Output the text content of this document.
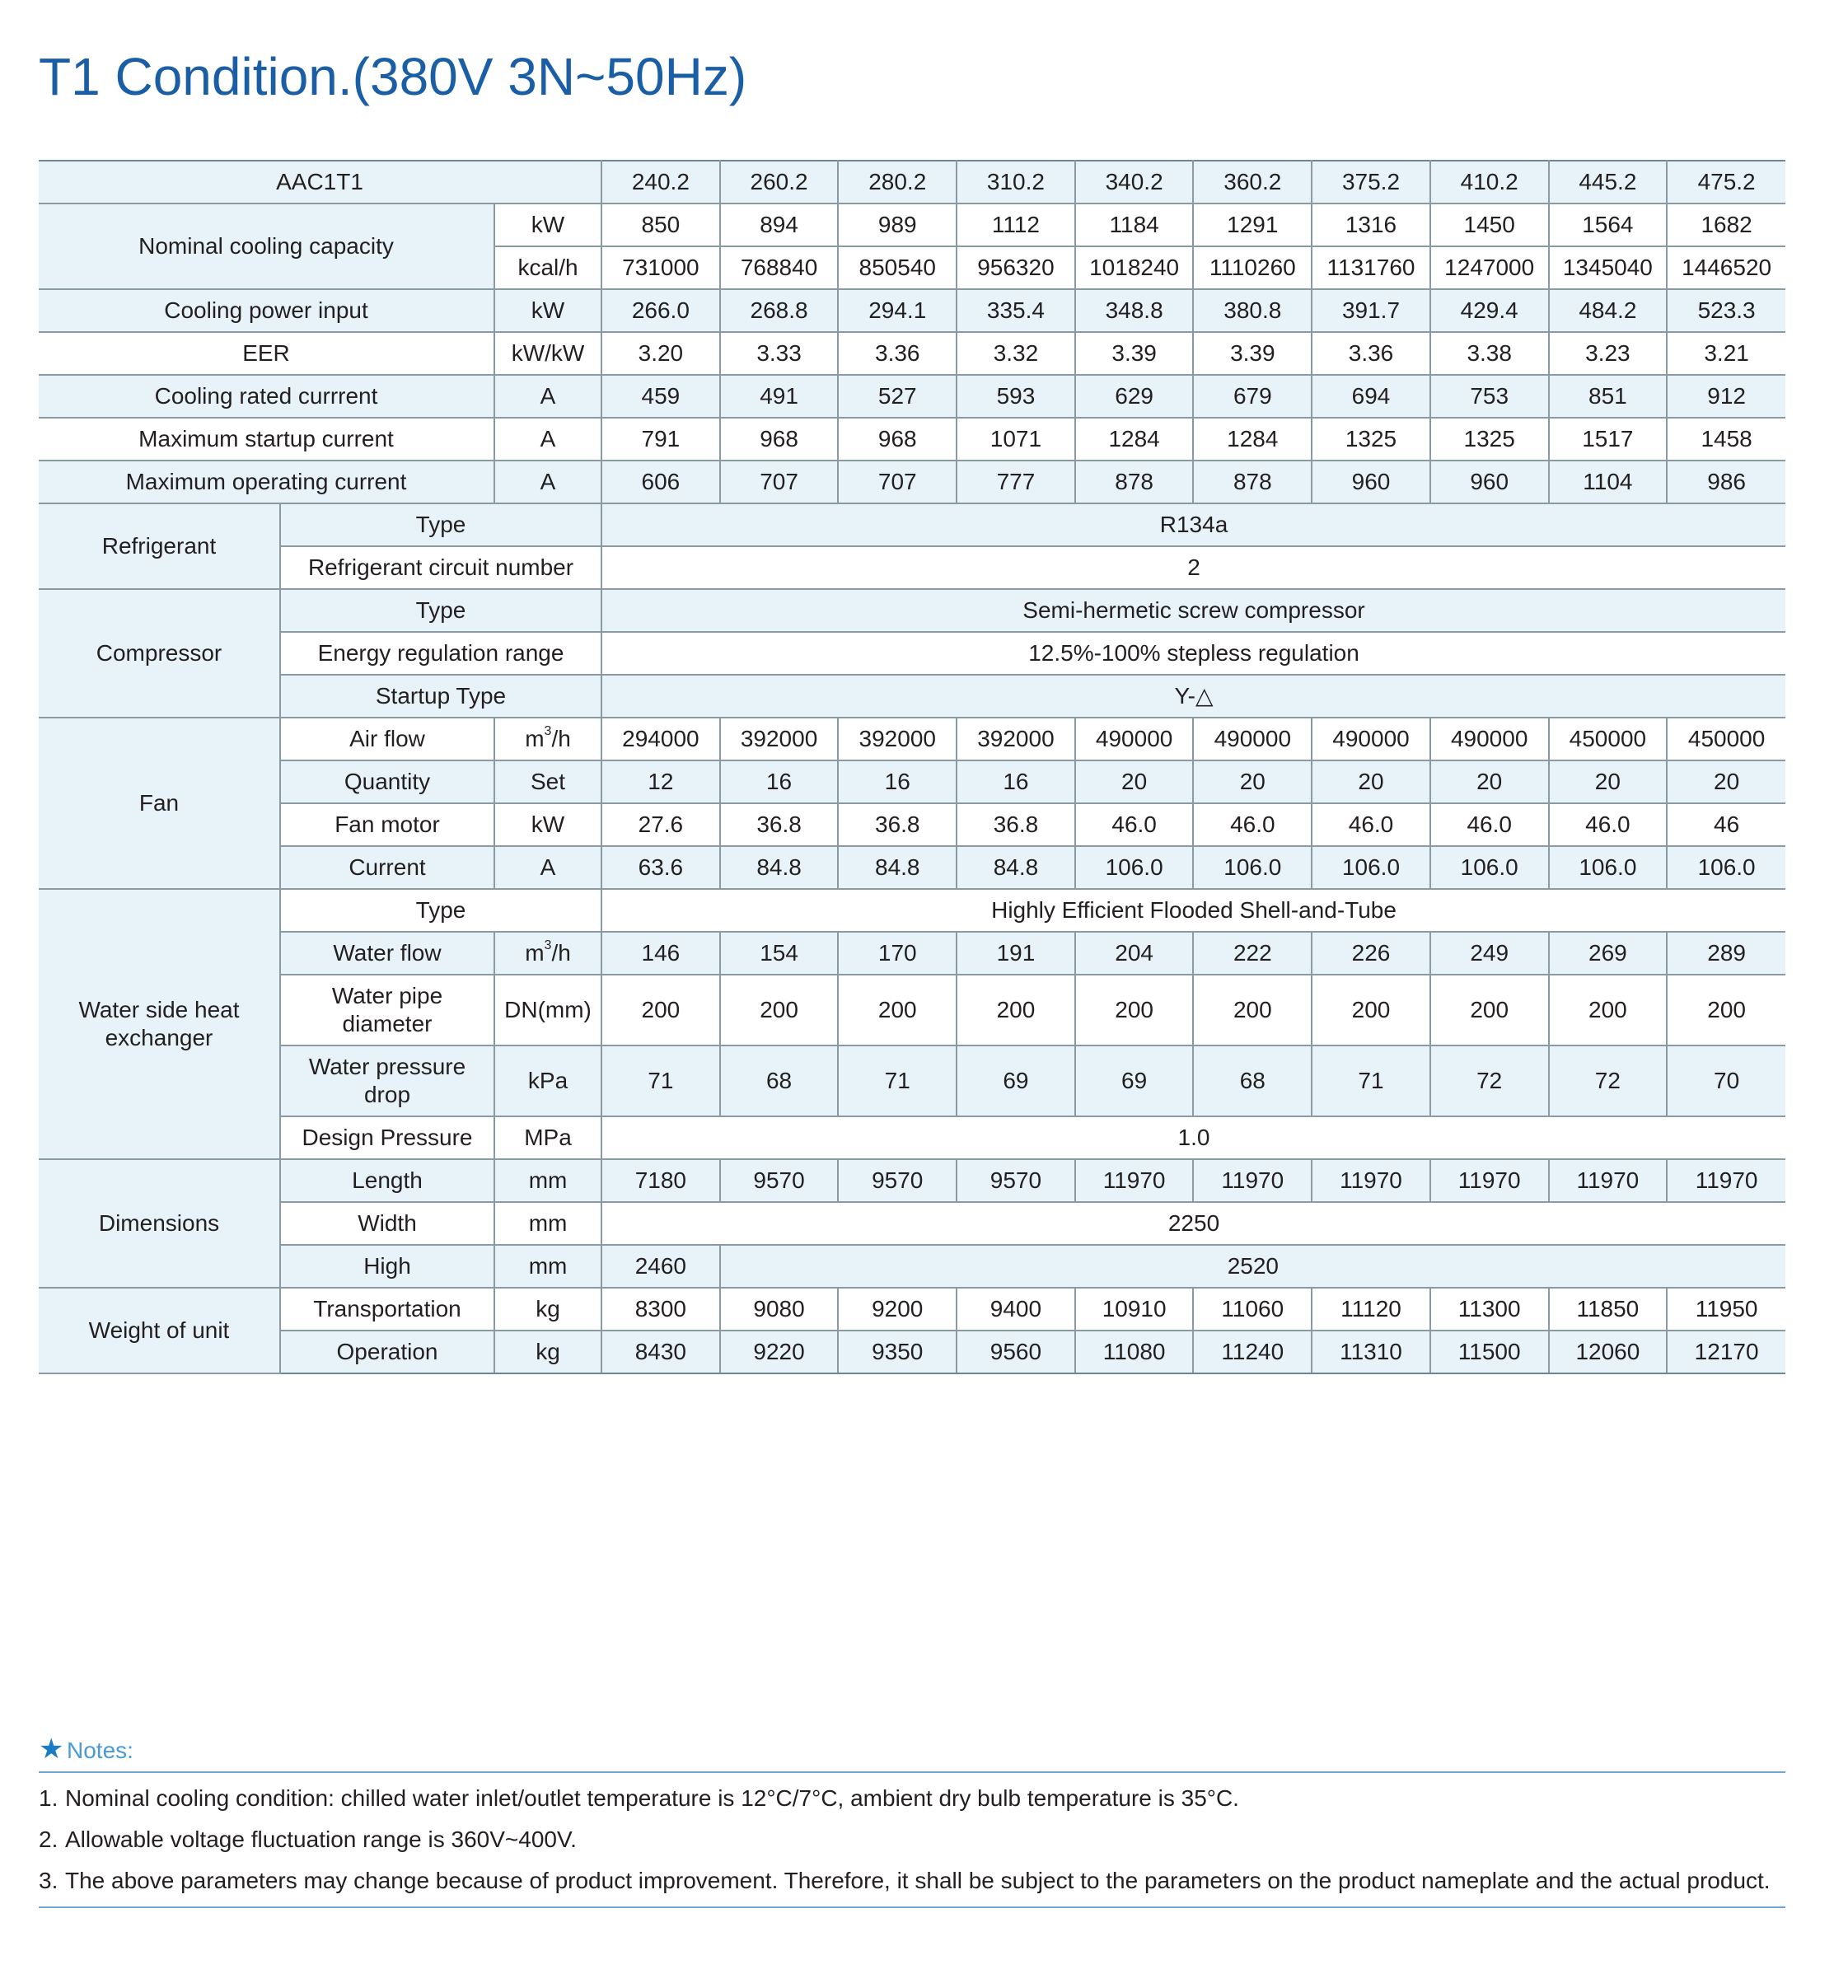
T1 Condition.(380V 3N~50Hz)
AAC1T1			240.2	260.2	280.2	310.2	340.2	360.2	375.2	410.2	445.2	475.2
Nominal cooling capacity		kW	850	894	989	1112	1184	1291	1316	1450	1564	1682
		kcal/h	731000	768840	850540	956320	1018240	1110260	1131760	1247000	1345040	1446520
Cooling power input		kW	266.0	268.8	294.1	335.4	348.8	380.8	391.7	429.4	484.2	523.3
EER		kW/kW	3.20	3.33	3.36	3.32	3.39	3.39	3.36	3.38	3.23	3.21
Cooling rated currrent		A	459	491	527	593	629	679	694	753	851	912
Maximum startup current		A	791	968	968	1071	1284	1284	1325	1325	1517	1458
Maximum operating current		A	606	707	707	777	878	878	960	960	1104	986
Refrigerant	Type		R134a									
	Refrigerant circuit number		2									
Compressor	Type		Semi-hermetic screw compressor									
	Energy regulation range		12.5%-100% stepless regulation									
	Startup Type		Y-△									
Fan	Air flow	$m^3/h$	294000	392000	392000	392000	490000	490000	490000	490000	450000	450000
	Quantity	Set	12	16	16	16	20	20	20	20	20	20
	Fan motor	kW	27.6	36.8	36.8	36.8	46.0	46.0	46.0	46.0	46.0	46
	Current	A	63.6	84.8	84.8	84.8	106.0	106.0	106.0	106.0	106.0	106.0
Water side heat exchanger	Type		Highly Efficient Flooded Shell-and-Tube									
	Water flow	$m^3/h$	146	154	170	191	204	222	226	249	269	289
	Water pipe diameter	DN(mm)	200	200	200	200	200	200	200	200	200	200
	Water pressure drop	kPa	71	68	71	69	69	68	71	72	72	70
	Design Pressure	MPa	1.0									
Dimensions	Length	mm	7180	9570	9570	9570	11970	11970	11970	11970	11970	11970
	Width	mm	2250									
	High	mm	2460	2520								
Weight of unit	Transportation	kg	8300	9080	9200	9400	10910	11060	11120	11300	11850	11950
	Operation	kg	8430	9220	9350	9560	11080	11240	11310	11500	12060	12170
★ Notes:
1. Nominal cooling condition: chilled water inlet/outlet temperature is 12°C/7°C, ambient dry bulb temperature is 35°C.
2. Allowable voltage fluctuation range is 360V~400V.
3. The above parameters may change because of product improvement. Therefore, it shall be subject to the parameters on the product nameplate and the actual product.
